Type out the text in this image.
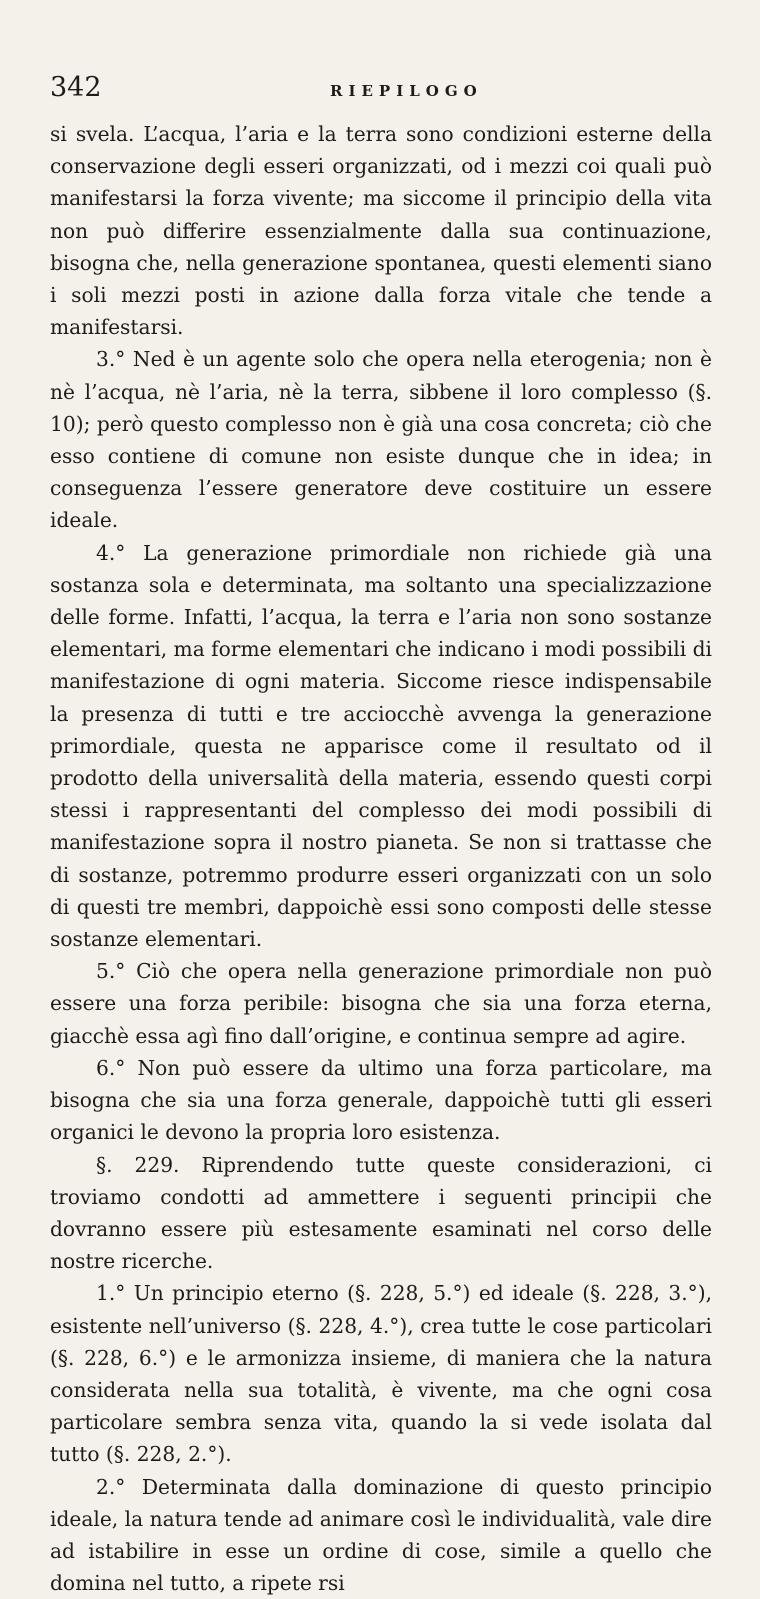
342	RIEPILOGO

si svela. L’acqua, l’aria e la terra sono condizioni esterne della conservazione degli esseri organizzati, od i mezzi coi quali può manifestarsi la forza vivente; ma siccome il principio della vita non può differire essenzialmente dalla sua continuazione, bisogna che, nella generazione spontanea, questi elementi siano i soli mezzi posti in azione dalla forza vitale che tende a manifestarsi.

3.° Ned è un agente solo che opera nella eterogenia; non è nè l’acqua, nè l’aria, nè la terra, sibbene il loro complesso (§. 10); però questo complesso non è già una cosa concreta; ciò che esso contiene di comune non esiste dunque che in idea; in conseguenza l’essere generatore deve costituire un essere ideale.

4.° La generazione primordiale non richiede già una sostanza sola e determinata, ma soltanto una specializzazione delle forme. Infatti, l’acqua, la terra e l’aria non sono sostanze elementari, ma forme elementari che indicano i modi possibili di manifestazione di ogni materia. Siccome riesce indispensabile la presenza di tutti e tre acciocchè avvenga la generazione primordiale, questa ne apparisce come il resultato od il prodotto della universalità della materia, essendo questi corpi stessi i rappresentanti del complesso dei modi possibili di manifestazione sopra il nostro pianeta. Se non si trattasse che di sostanze, potremmo produrre esseri organizzati con un solo di questi tre membri, dappoichè essi sono composti delle stesse sostanze elementari.

5.° Ciò che opera nella generazione primordiale non può essere una forza peribile: bisogna che sia una forza eterna, giacchè essa agì fino dall’origine, e continua sempre ad agire.

6.° Non può essere da ultimo una forza particolare, ma bisogna che sia una forza generale, dappoichè tutti gli esseri organici le devono la propria loro esistenza.

§. 229. Riprendendo tutte queste considerazioni, ci troviamo condotti ad ammettere i seguenti principii che dovranno essere più estesamente esaminati nel corso delle nostre ricerche.

1.° Un principio eterno (§. 228, 5.°) ed ideale (§. 228, 3.°), esistente nell’universo (§. 228, 4.°), crea tutte le cose particolari (§. 228, 6.°) e le armonizza insieme, di maniera che la natura considerata nella sua totalità, è vivente, ma che ogni cosa particolare sembra senza vita, quando la si vede isolata dal tutto (§. 228, 2.°).

2.° Determinata dalla dominazione di questo principio ideale, la natura tende ad animare così le individualità, vale dire ad istabilire in esse un ordine di cose, simile a quello che domina nel tutto, a ripete rsi
